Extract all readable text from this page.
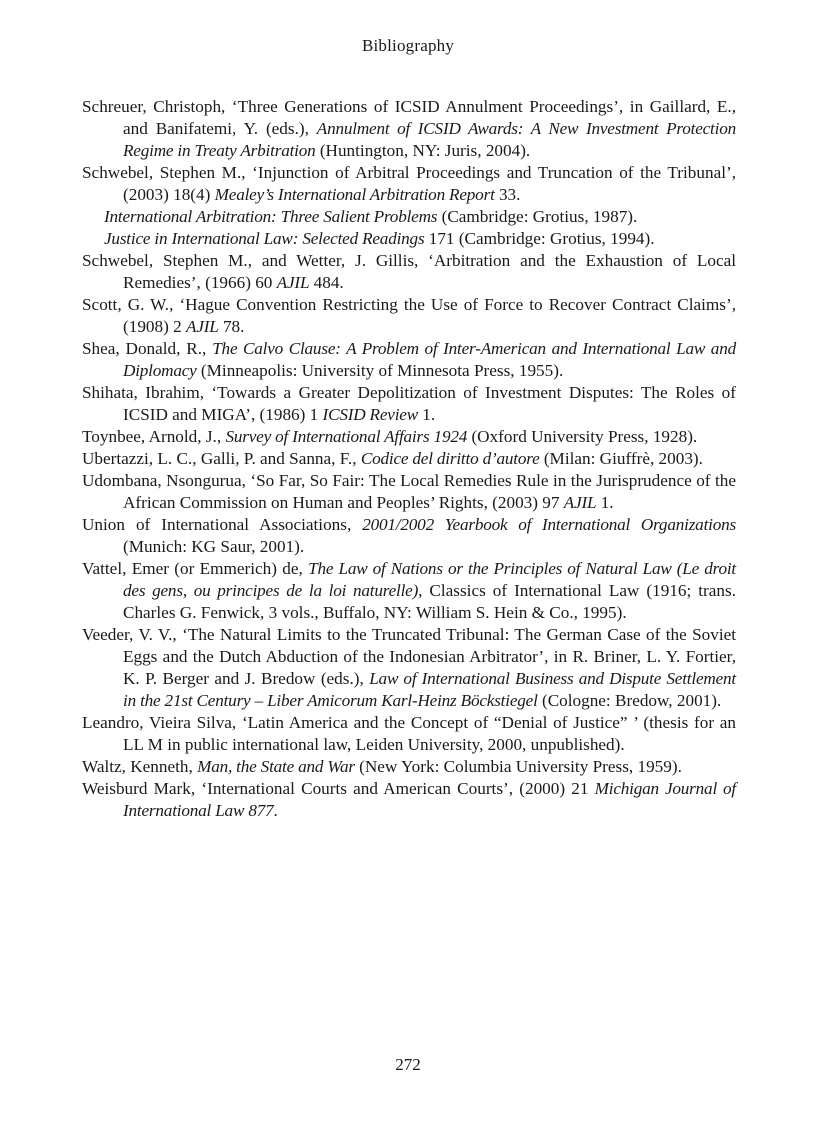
Bibliography

Schreuer, Christoph, ‘Three Generations of ICSID Annulment Proceedings’, in Gaillard, E., and Banifatemi, Y. (eds.), Annulment of ICSID Awards: A New Investment Protection Regime in Treaty Arbitration (Huntington, NY: Juris, 2004).

Schwebel, Stephen M., ‘Injunction of Arbitral Proceedings and Truncation of the Tribunal’, (2003) 18(4) Mealey’s International Arbitration Report 33.

International Arbitration: Three Salient Problems (Cambridge: Grotius, 1987).

Justice in International Law: Selected Readings 171 (Cambridge: Grotius, 1994).

Schwebel, Stephen M., and Wetter, J. Gillis, ‘Arbitration and the Exhaustion of Local Remedies’, (1966) 60 AJIL 484.

Scott, G. W., ‘Hague Convention Restricting the Use of Force to Recover Contract Claims’, (1908) 2 AJIL 78.

Shea, Donald, R., The Calvo Clause: A Problem of Inter-American and International Law and Diplomacy (Minneapolis: University of Minnesota Press, 1955).

Shihata, Ibrahim, ‘Towards a Greater Depolitization of Investment Disputes: The Roles of ICSID and MIGA’, (1986) 1 ICSID Review 1.

Toynbee, Arnold, J., Survey of International Affairs 1924 (Oxford University Press, 1928).

Ubertazzi, L. C., Galli, P. and Sanna, F., Codice del diritto d’autore (Milan: Giuffrè, 2003).

Udombana, Nsongurua, ‘So Far, So Fair: The Local Remedies Rule in the Jurisprudence of the African Commission on Human and Peoples’ Rights, (2003) 97 AJIL 1.

Union of International Associations, 2001/2002 Yearbook of International Organizations (Munich: KG Saur, 2001).

Vattel, Emer (or Emmerich) de, The Law of Nations or the Principles of Natural Law (Le droit des gens, ou principes de la loi naturelle), Classics of International Law (1916; trans. Charles G. Fenwick, 3 vols., Buffalo, NY: William S. Hein & Co., 1995).

Veeder, V. V., ‘The Natural Limits to the Truncated Tribunal: The German Case of the Soviet Eggs and the Dutch Abduction of the Indonesian Arbitrator’, in R. Briner, L. Y. Fortier, K. P. Berger and J. Bredow (eds.), Law of International Business and Dispute Settlement in the 21st Century – Liber Amicorum Karl-Heinz Böckstiegel (Cologne: Bredow, 2001).

Leandro, Vieira Silva, ‘Latin America and the Concept of “Denial of Justice” ’ (thesis for an LL M in public international law, Leiden University, 2000, unpublished).

Waltz, Kenneth, Man, the State and War (New York: Columbia University Press, 1959).

Weisburd Mark, ‘International Courts and American Courts’, (2000) 21 Michigan Journal of International Law 877.

272
